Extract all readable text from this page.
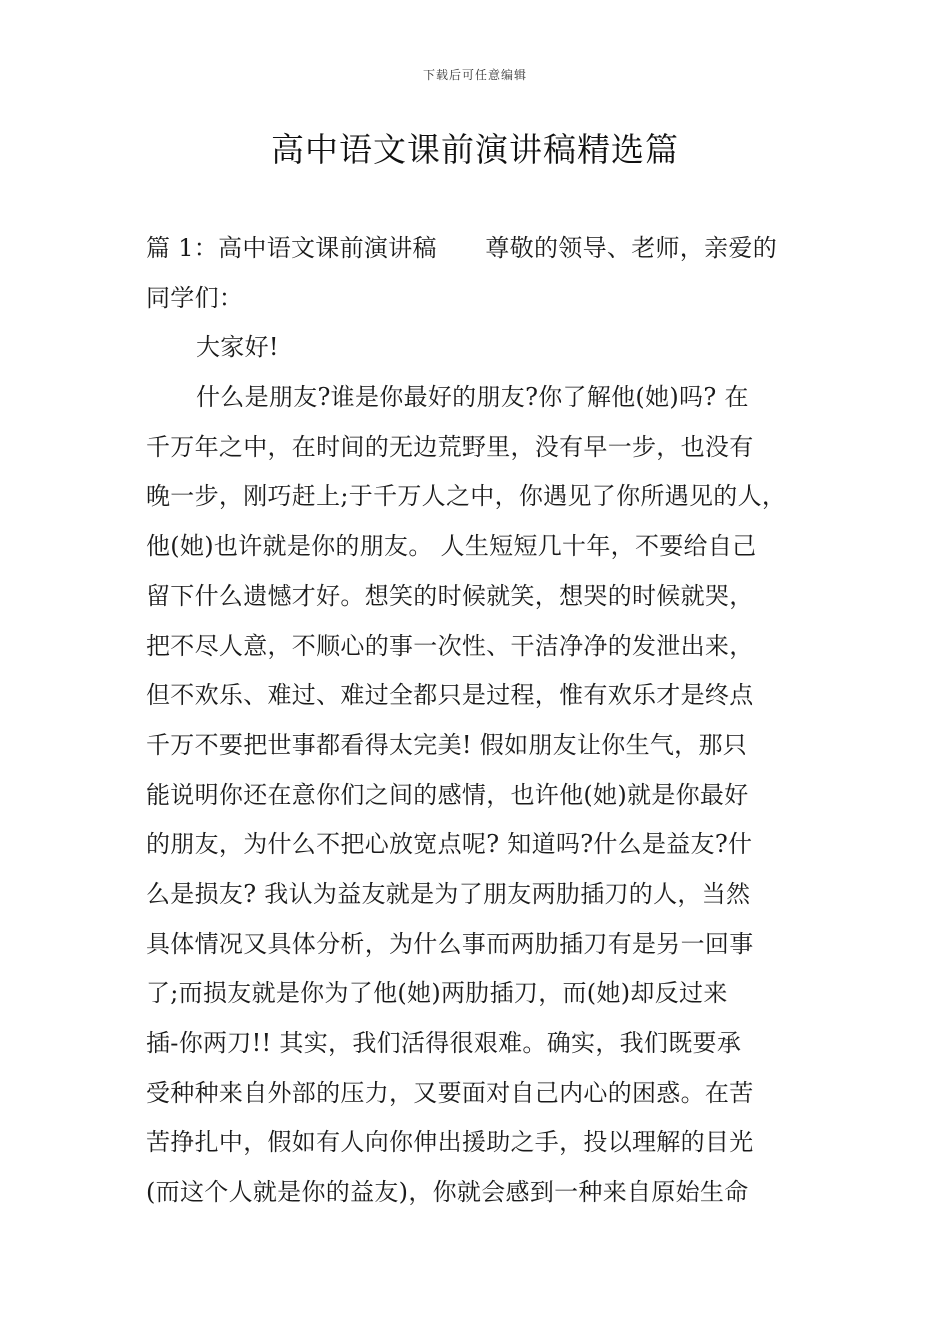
下载后可任意编辑
高中语文课前演讲稿精选篇
篇 1：高中语文课前演讲稿　　尊敬的领导、老师，亲爱的
同学们：
大家好!
什么是朋友?谁是你最好的朋友?你了解他(她)吗? 在
千万年之中，在时间的无边荒野里，没有早一步，也没有
晚一步，刚巧赶上;于千万人之中，你遇见了你所遇见的人，
他(她)也许就是你的朋友。 人生短短几十年，不要给自己
留下什么遗憾才好。想笑的时候就笑，想哭的时候就哭，
把不尽人意，不顺心的事一次性、干洁净净的发泄出来，
但不欢乐、难过、难过全都只是过程，惟有欢乐才是终点
千万不要把世事都看得太完美! 假如朋友让你生气，那只
能说明你还在意你们之间的感情，也许他(她)就是你最好
的朋友，为什么不把心放宽点呢? 知道吗?什么是益友?什
么是损友? 我认为益友就是为了朋友两肋插刀的人，当然
具体情况又具体分析，为什么事而两肋插刀有是另一回事
了;而损友就是你为了他(她)两肋插刀，而(她)却反过来
插-你两刀!! 其实，我们活得很艰难。确实，我们既要承
受种种来自外部的压力，又要面对自己内心的困惑。在苦
苦挣扎中，假如有人向你伸出援助之手，投以理解的目光
(而这个人就是你的益友)，你就会感到一种来自原始生命
